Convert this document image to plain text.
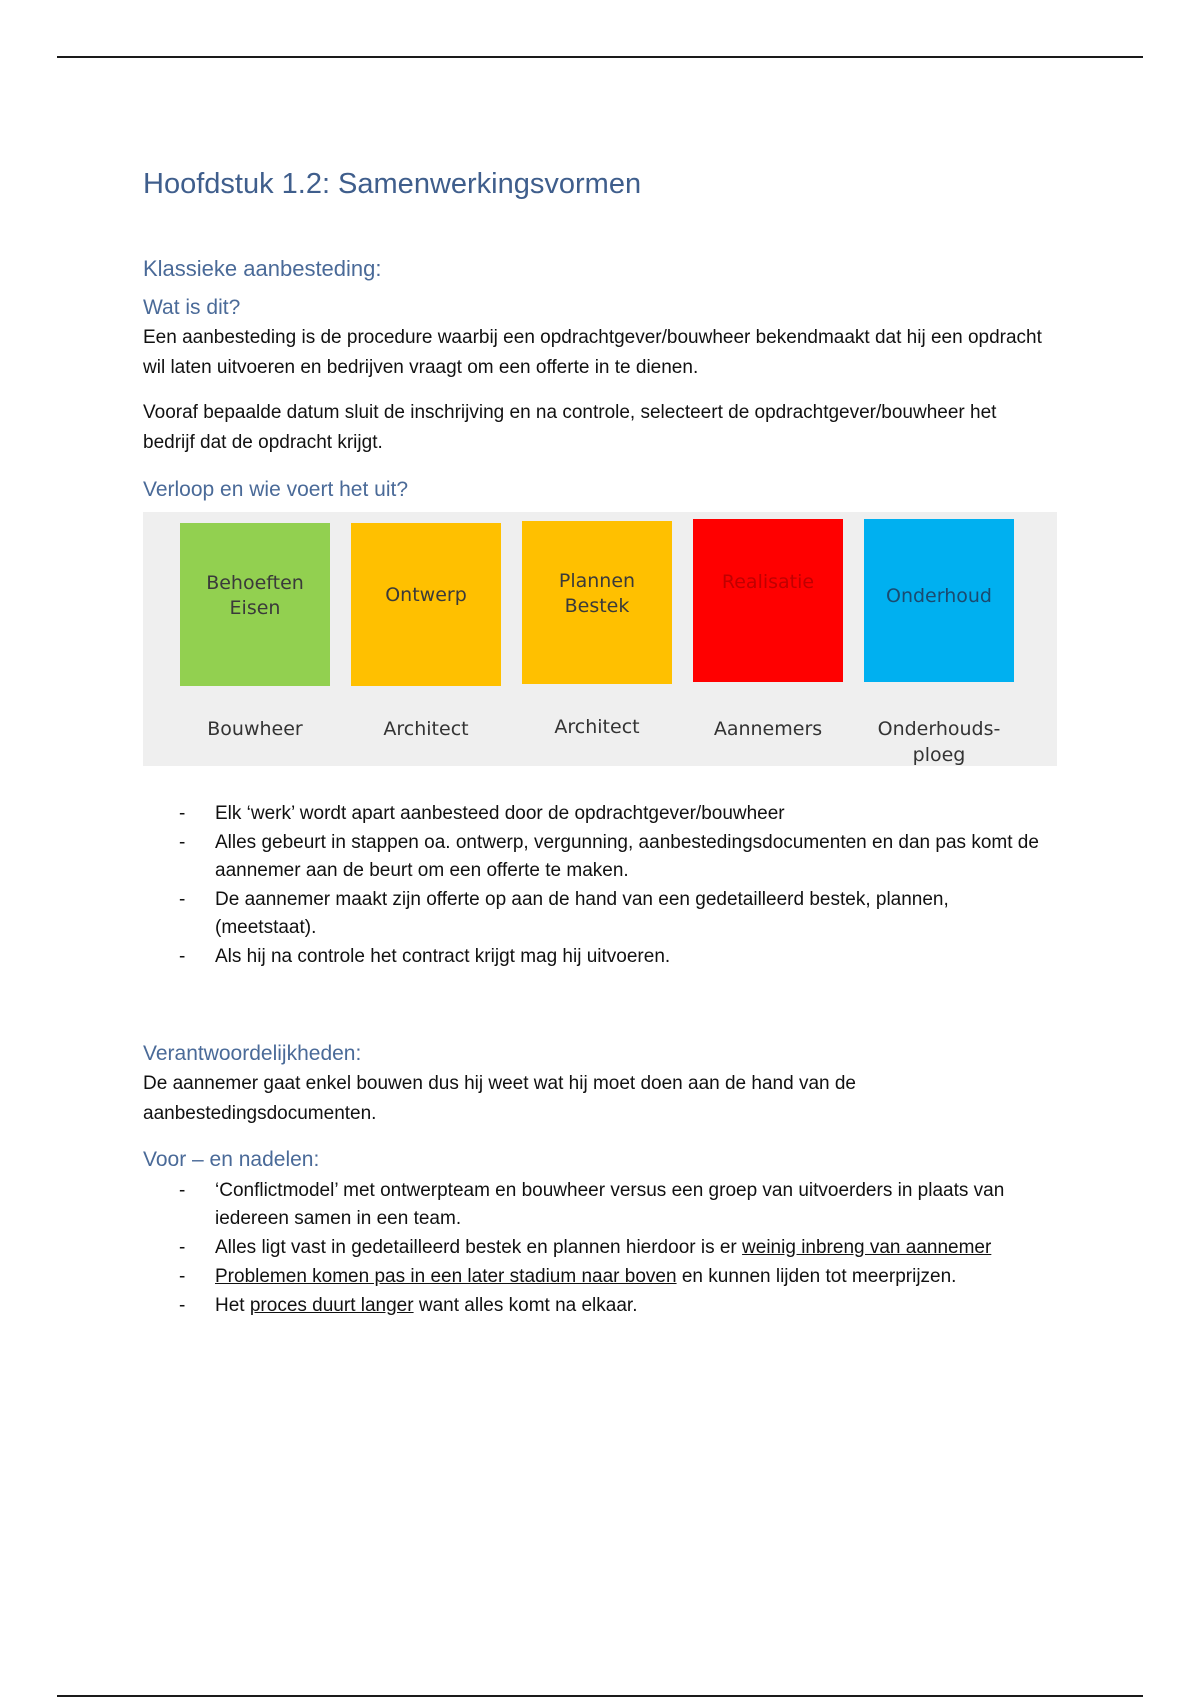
Hoofdstuk 1.2: Samenwerkingsvormen
Klassieke aanbesteding:
Wat is dit?
Een aanbesteding is de procedure waarbij een opdrachtgever/bouwheer bekendmaakt dat hij een opdracht wil laten uitvoeren en bedrijven vraagt om een offerte in te dienen.
Vooraf bepaalde datum sluit de inschrijving en na controle, selecteert de opdrachtgever/bouwheer het bedrijf dat de opdracht krijgt.
Verloop en wie voert het uit?
Behoeften
Eisen
Bouwheer
Ontwerp
Architect
Plannen
Bestek
Architect
Realisatie
Aannemers
Onderhoud
Onderhouds-
ploeg
- Elk ‘werk’ wordt apart aanbesteed door de opdrachtgever/bouwheer
- Alles gebeurt in stappen oa. ontwerp, vergunning, aanbestedingsdocumenten en dan pas komt de aannemer aan de beurt om een offerte te maken.
- De aannemer maakt zijn offerte op aan de hand van een gedetailleerd bestek, plannen, (meetstaat).
- Als hij na controle het contract krijgt mag hij uitvoeren.
Verantwoordelijkheden:
De aannemer gaat enkel bouwen dus hij weet wat hij moet doen aan de hand van de aanbestedingsdocumenten.
Voor – en nadelen:
- ‘Conflictmodel’ met ontwerpteam en bouwheer versus een groep van uitvoerders in plaats van iedereen samen in een team.
- Alles ligt vast in gedetailleerd bestek en plannen hierdoor is er weinig inbreng van aannemer
- Problemen komen pas in een later stadium naar boven en kunnen lijden tot meerprijzen.
- Het proces duurt langer want alles komt na elkaar.
